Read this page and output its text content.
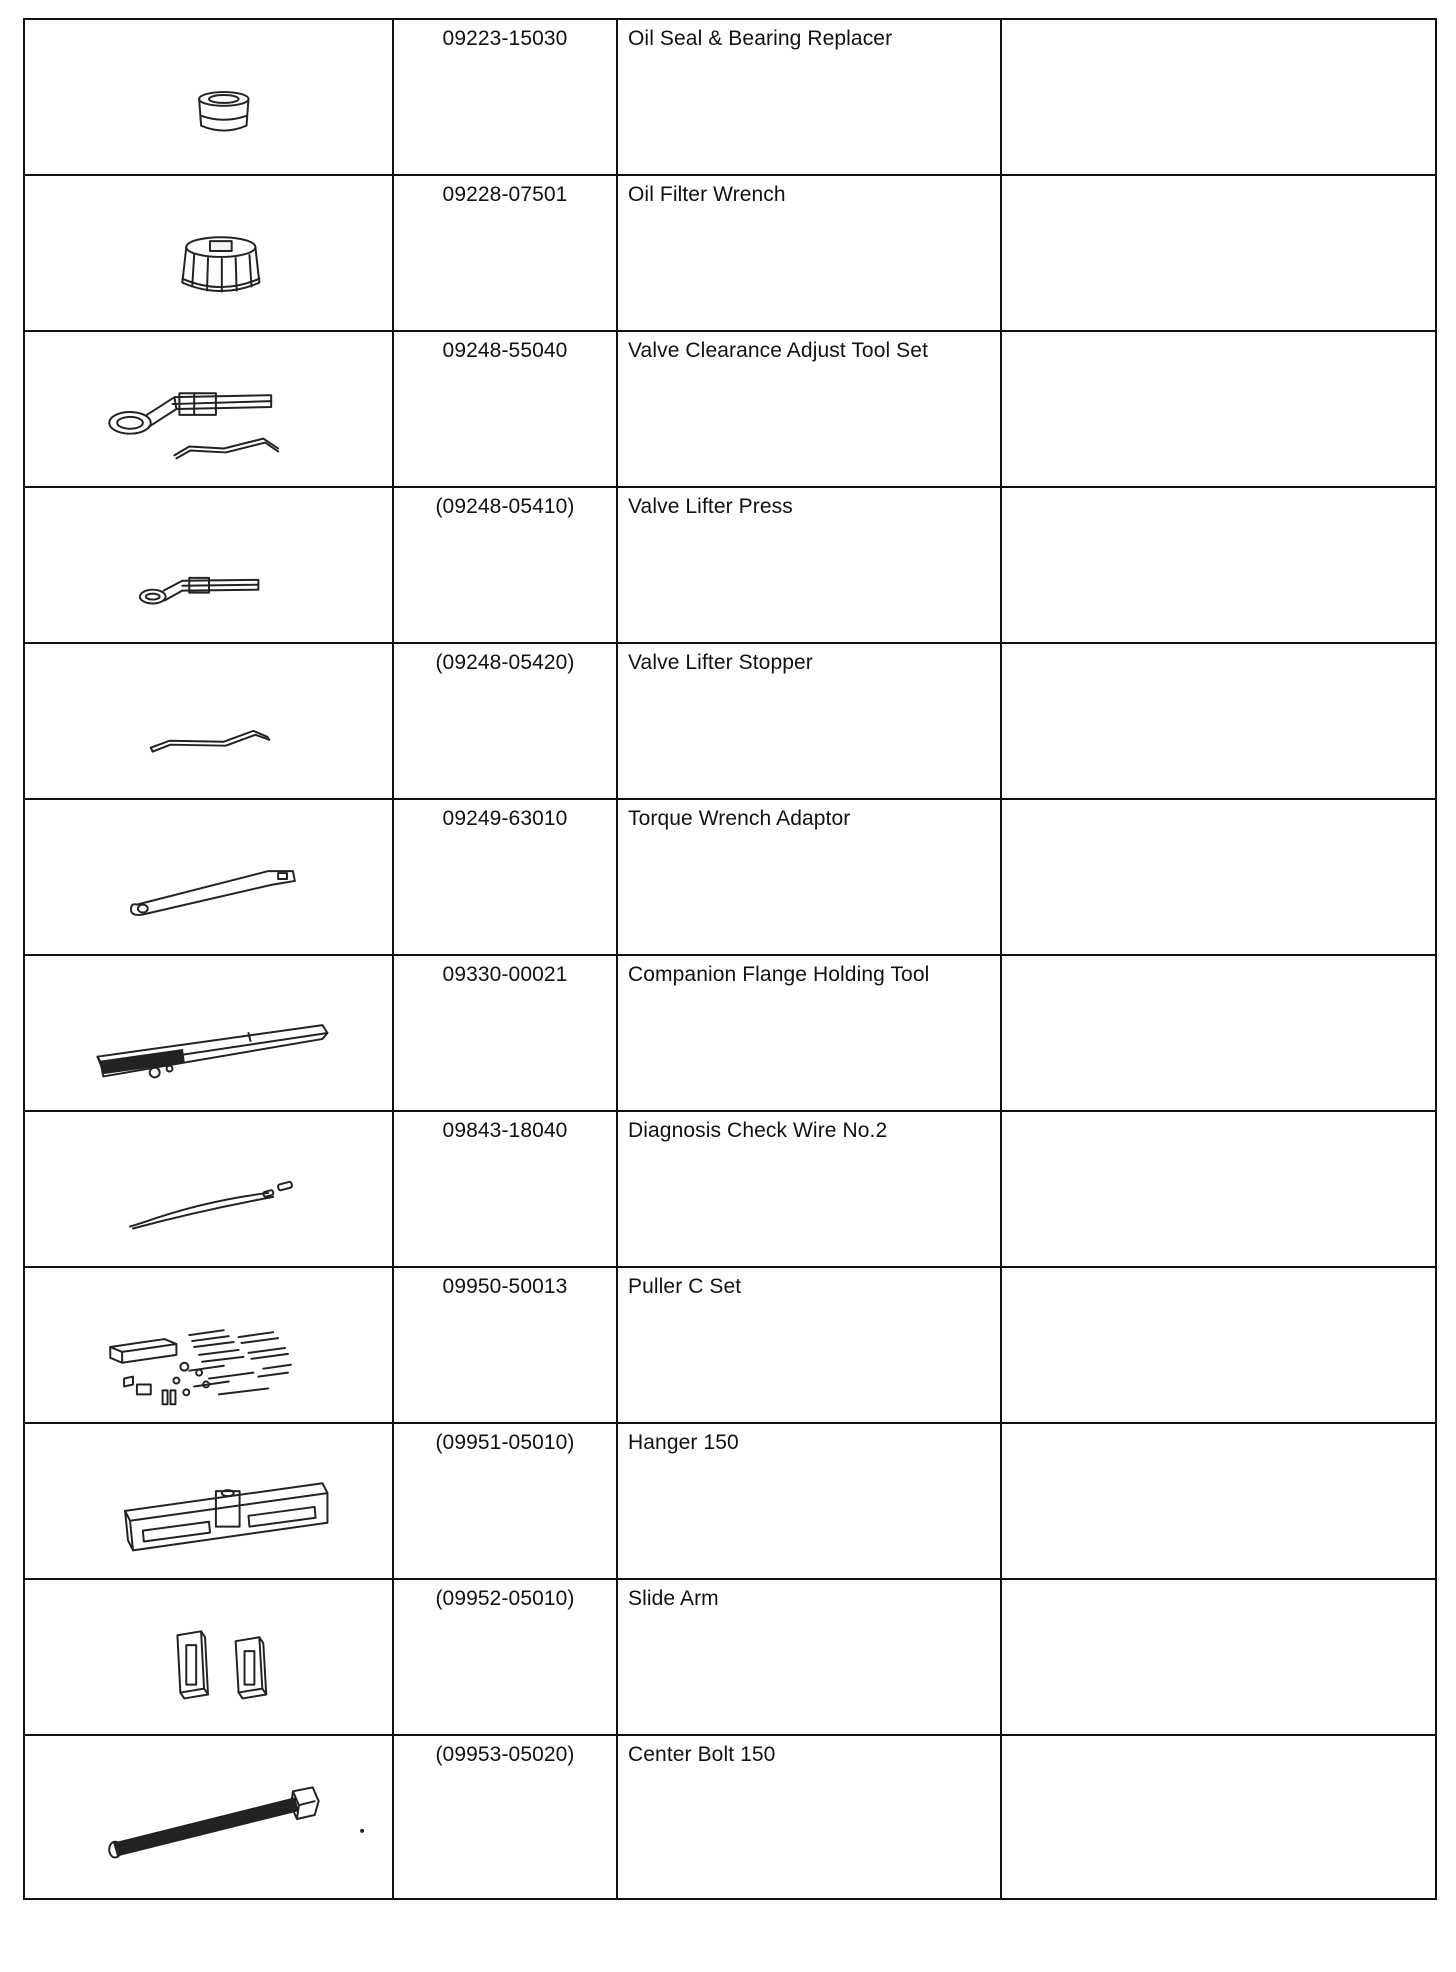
09223-15030	Oil Seal & Bearing Replacer	

09228-07501	Oil Filter Wrench	

09248-55040	Valve Clearance Adjust Tool Set	

(09248-05410)	Valve Lifter Press	

(09248-05420)	Valve Lifter Stopper	

09249-63010	Torque Wrench Adaptor	

09330-00021	Companion Flange Holding Tool	

09843-18040	Diagnosis Check Wire No.2	

09950-50013	Puller C Set	

(09951-05010)	Hanger 150	

(09952-05010)	Slide Arm	

(09953-05020)	Center Bolt 150	
